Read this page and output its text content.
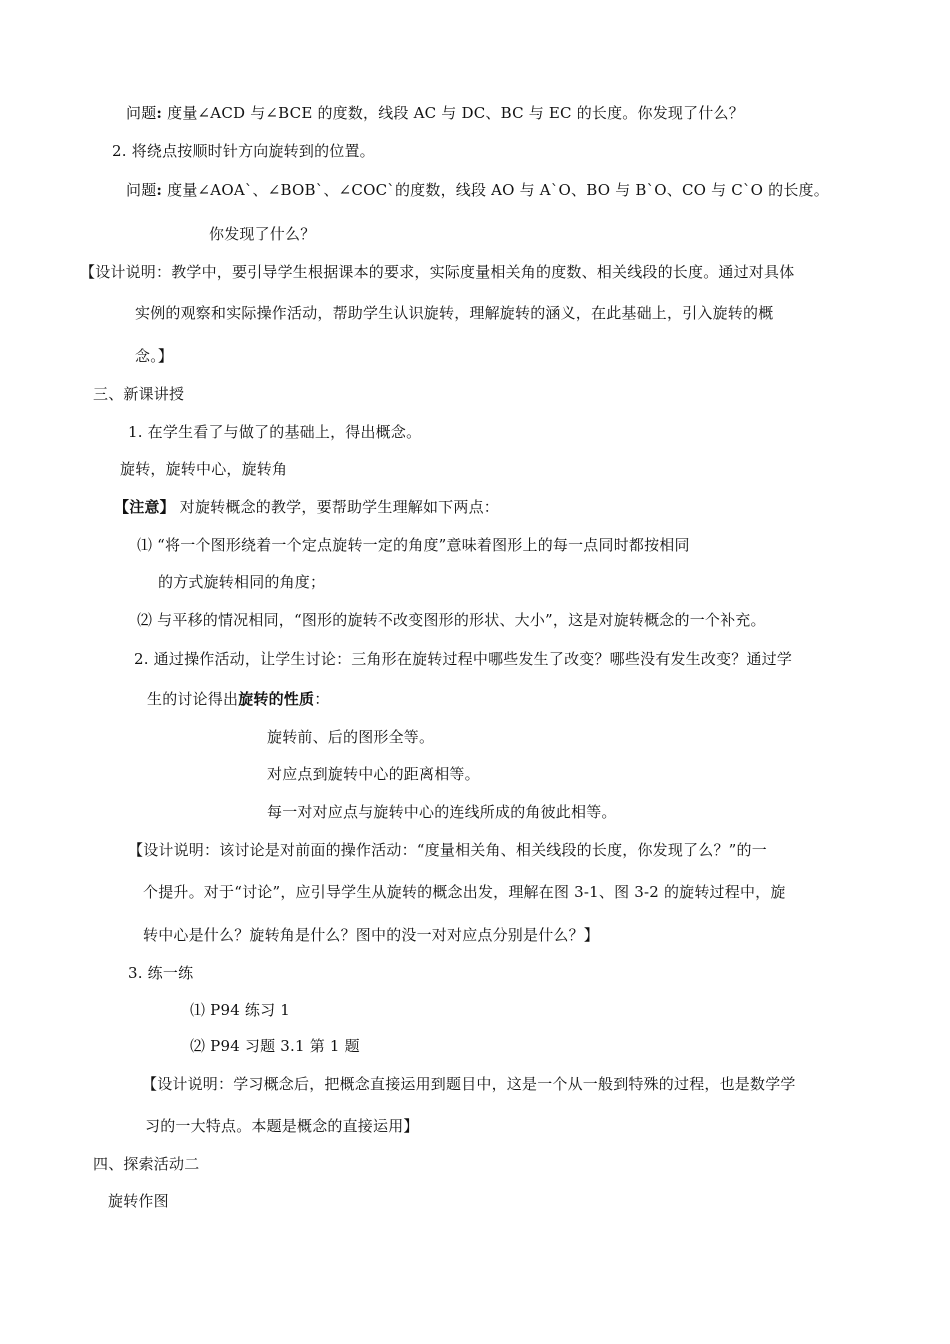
问题: 度量∠ACD 与∠BCE 的度数，线段 AC 与 DC、BC 与 EC 的长度。你发现了什么？
2. 将绕点按顺时针方向旋转到的位置。
问题: 度量∠AOA`、∠BOB`、∠COC`的度数，线段 AO 与 A`O、BO 与 B`O、CO 与 C`O 的长度。
你发现了什么？
【设计说明：教学中，要引导学生根据课本的要求，实际度量相关角的度数、相关线段的长度。通过对具体
实例的观察和实际操作活动，帮助学生认识旋转，理解旋转的涵义，在此基础上，引入旋转的概
念。】
三、新课讲授
1. 在学生看了与做了的基础上，得出概念。
旋转，旋转中心，旋转角
【注意】 对旋转概念的教学，要帮助学生理解如下两点：
⑴ “将一个图形绕着一个定点旋转一定的角度”意味着图形上的每一点同时都按相同
的方式旋转相同的角度；
⑵ 与平移的情况相同，“图形的旋转不改变图形的形状、大小”，这是对旋转概念的一个补充。
2. 通过操作活动，让学生讨论：三角形在旋转过程中哪些发生了改变？哪些没有发生改变？通过学
生的讨论得出旋转的性质：
旋转前、后的图形全等。
对应点到旋转中心的距离相等。
每一对对应点与旋转中心的连线所成的角彼此相等。
【设计说明：该讨论是对前面的操作活动：“度量相关角、相关线段的长度，你发现了么？”的一
个提升。对于“讨论”，应引导学生从旋转的概念出发，理解在图 3-1、图 3-2 的旋转过程中，旋
转中心是什么？旋转角是什么？图中的没一对对应点分别是什么？】
3. 练一练
⑴ P94 练习 1
⑵ P94 习题 3.1 第 1 题
【设计说明：学习概念后，把概念直接运用到题目中，这是一个从一般到特殊的过程，也是数学学
习的一大特点。本题是概念的直接运用】
四、探索活动二
旋转作图
